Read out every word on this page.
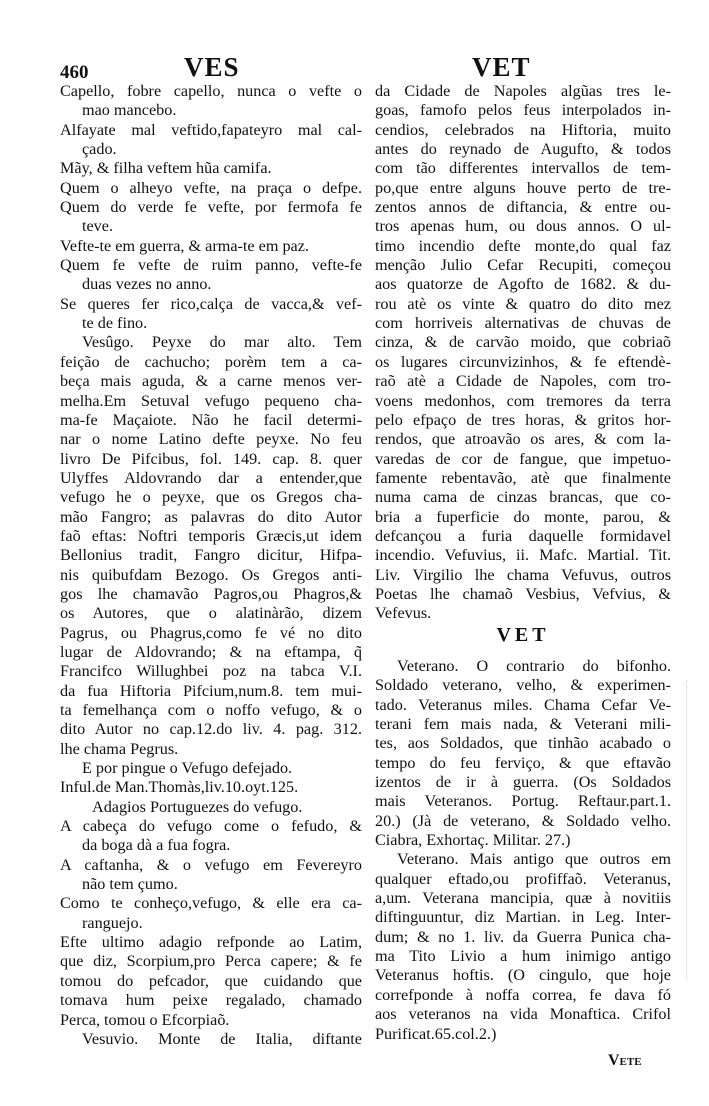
460	VES	VET
Capello, fobre capello, nunca o vefte o
mao mancebo.
Alfayate mal veftido,fapateyro mal cal-
çado.
Mãy, & filha veftem hũa camifa.
Quem o alheyo vefte, na praça o defpe.
Quem do verde fe vefte, por fermofa fe
teve.
Vefte-te em guerra, & arma-te em paz.
Quem fe vefte de ruim panno, vefte-fe
duas vezes no anno.
Se queres fer rico,calça de vacca,& vef-
te de fino.
Vesûgo. Peyxe do mar alto. Tem
feição de cachucho; porèm tem a ca-
beça mais aguda, & a carne menos ver-
melha.Em Setuval vefugo pequeno cha-
ma-fe Maçaiote. Não he facil determi-
nar o nome Latino defte peyxe. No feu
livro De Pifcibus, fol. 149. cap. 8. quer
Ulyffes Aldovrando dar a entender,que
vefugo he o peyxe, que os Gregos cha-
mão Fangro; as palavras do dito Autor
faõ eftas: Noftri temporis Græcis,ut idem
Bellonius tradit, Fangro dicitur, Hifpa-
nis quibufdam Bezogo. Os Gregos anti-
gos lhe chamavão Pagros,ou Phagros,&
os Autores, que o alatinàrão, dizem
Pagrus, ou Phagrus,como fe vé no dito
lugar de Aldovrando; & na eftampa, q̃
Francifco Willughbei poz na tabca V.I.
da fua Hiftoria Pifcium,num.8. tem mui-
ta femelhança com o noffo vefugo, & o
dito Autor no cap.12.do liv. 4. pag. 312.
lhe chama Pegrus.
E por pingue o Vefugo defejado.
Inful.de Man.Thomàs,liv.10.oyt.125.
Adagios Portuguezes do vefugo.
A cabeça do vefugo come o fefudo, &
da boga dà a fua fogra.
A caftanha, & o vefugo em Fevereyro
não tem çumo.
Como te conheço,vefugo, & elle era ca-
ranguejo.
Efte ultimo adagio refponde ao Latim,
que diz, Scorpium,pro Perca capere; & fe
tomou do pefcador, que cuidando que
tomava hum peixe regalado, chamado
Perca, tomou o Efcorpiaõ.
Vesuvio. Monte de Italia, diftante
da Cidade de Napoles algũas tres le-
goas, famofo pelos feus interpolados in-
cendios, celebrados na Hiftoria, muito
antes do reynado de Augufto, & todos
com tão differentes intervallos de tem-
po,que entre alguns houve perto de tre-
zentos annos de diftancia, & entre ou-
tros apenas hum, ou dous annos. O ul-
timo incendio defte monte,do qual faz
menção Julio Cefar Recupiti, começou
aos quatorze de Agofto de 1682. & du-
rou atè os vinte & quatro do dito mez
com horriveis alternativas de chuvas de
cinza, & de carvão moido, que cobriaõ
os lugares circunvizinhos, & fe eftendè-
raõ atè a Cidade de Napoles, com tro-
voens medonhos, com tremores da terra
pelo efpaço de tres horas, & gritos hor-
rendos, que atroavão os ares, & com la-
varedas de cor de fangue, que impetuo-
famente rebentavão, atè que finalmente
numa cama de cinzas brancas, que co-
bria a fuperficie do monte, parou, &
defcançou a furia daquelle formidavel
incendio. Vefuvius, ii. Mafc. Martial. Tit.
Liv. Virgilio lhe chama Vefuvus, outros
Poetas lhe chamaõ Vesbius, Vefvius, &
Vefevus.
VET
Veterano. O contrario do bifonho.
Soldado veterano, velho, & experimen-
tado. Veteranus miles. Chama Cefar Ve-
terani fem mais nada, & Veterani mili-
tes, aos Soldados, que tinhão acabado o
tempo do feu ferviço, & que eftavão
izentos de ir à guerra. (Os Soldados
mais Veteranos. Portug. Reftaur.part.1.
20.) (Jà de veterano, & Soldado velho.
Ciabra, Exhortaç. Militar. 27.)
Veterano. Mais antigo que outros em
qualquer eftado,ou profiffaõ. Veteranus,
a,um. Veterana mancipia, quæ à novitiis
diftinguuntur, diz Martian. in Leg. Inter-
dum; & no 1. liv. da Guerra Punica cha-
ma Tito Livio a hum inimigo antigo
Veteranus hoftis. (O cingulo, que hoje
correfponde à noffa correa, fe dava fó
aos veteranos na vida Monaftica. Crifol
Purificat.65.col.2.)
Vete
